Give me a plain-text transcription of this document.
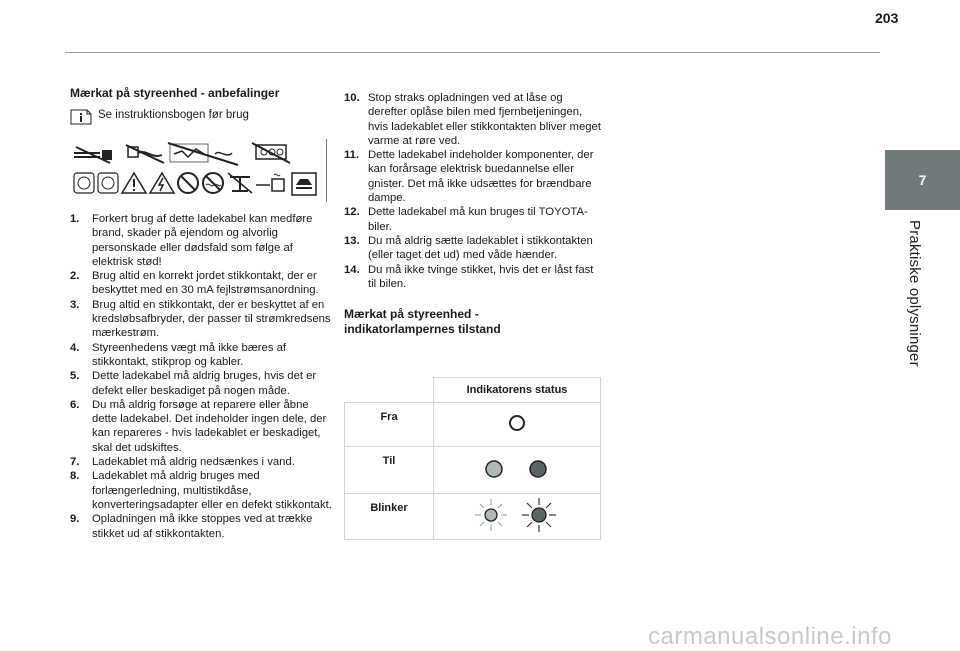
203
7
Praktiske oplysninger
Mærkat på styreenhed - anbefalinger
Se instruktionsbogen før brug
1. Forkert brug af dette ladekabel kan medføre brand, skader på ejendom og alvorlig personskade eller dødsfald som følge af elektrisk stød!
2. Brug altid en korrekt jordet stikkontakt, der er beskyttet med en 30 mA fejlstrømsanordning.
3. Brug altid en stikkontakt, der er beskyttet af en kredsløbsafbryder, der passer til strømkredsens mærkestrøm.
4. Styreenhedens vægt må ikke bæres af stikkontakt, stikprop og kabler.
5. Dette ladekabel må aldrig bruges, hvis det er defekt eller beskadiget på nogen måde.
6. Du må aldrig forsøge at reparere eller åbne dette ladekabel. Det indeholder ingen dele, der kan repareres - hvis ladekablet er beskadiget, skal det udskiftes.
7. Ladekablet må aldrig nedsænkes i vand.
8. Ladekablet må aldrig bruges med forlængerledning, multistikdåse, konverteringsadapter eller en defekt stikkontakt.
9. Opladningen må ikke stoppes ved at trække stikket ud af stikkontakten.
10. Stop straks opladningen ved at låse og derefter oplåse bilen med fjernbetjeningen, hvis ladekablet eller stikkontakten bliver meget varme at røre ved.
11. Dette ladekabel indeholder komponenter, der kan forårsage elektrisk buedannelse eller gnister. Det må ikke udsættes for brændbare dampe.
12. Dette ladekabel må kun bruges til TOYOTA-biler.
13. Du må aldrig sætte ladekablet i stikkontakten (eller taget det ud) med våde hænder.
14. Du må ikke tvinge stikket, hvis det er låst fast til bilen.
Mærkat på styreenhed - indikatorlampernes tilstand
	Indikatorens status
Fra	
Til	
Blinker	
carmanualsonline.info
